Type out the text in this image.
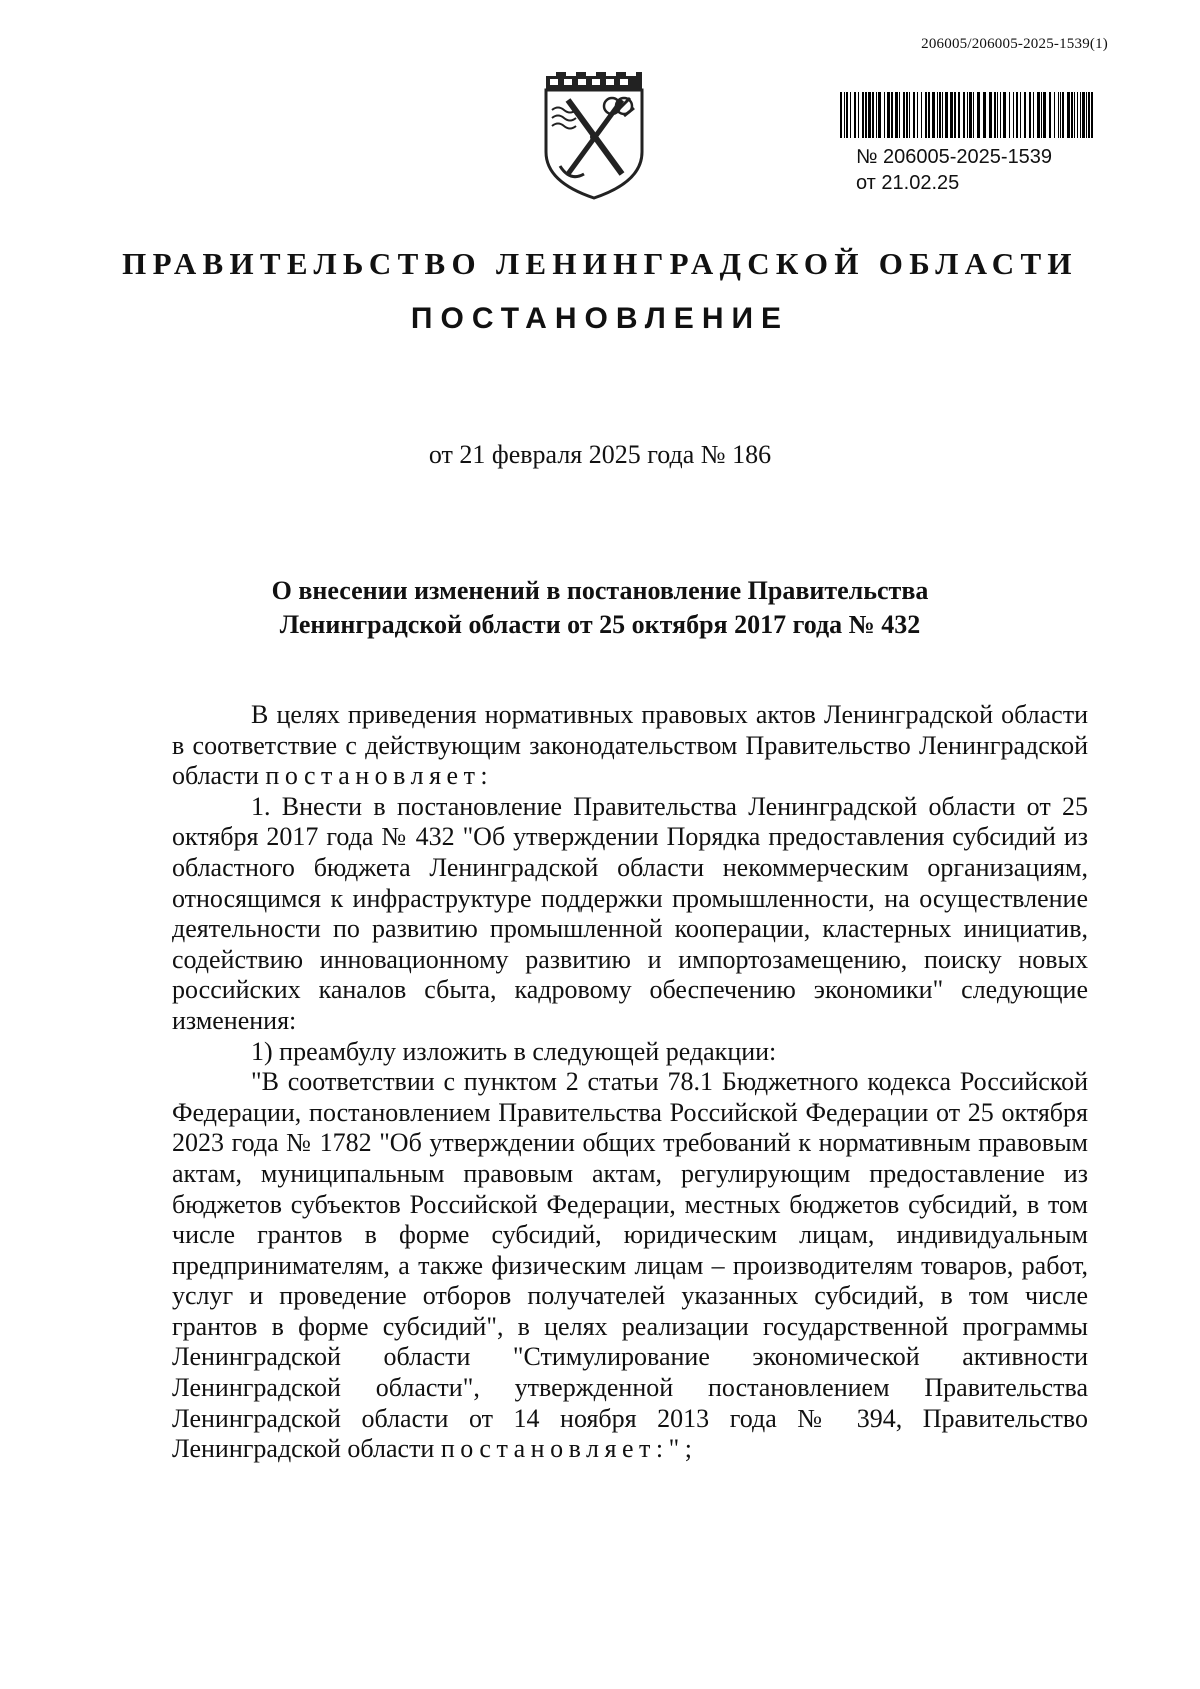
206005/206005-2025-1539(1)
№ 206005-2025-1539
от 21.02.25
ПРАВИТЕЛЬСТВО ЛЕНИНГРАДСКОЙ ОБЛАСТИ
ПОСТАНОВЛЕНИЕ
от 21 февраля 2025 года № 186
О внесении изменений в постановление Правительства
Ленинградской области от 25 октября 2017 года № 432

В целях приведения нормативных правовых актов Ленинградской области в соответствие с действующим законодательством Правительство Ленинградской области постановляет:

1. Внести в постановление Правительства Ленинградской области от 25 октября 2017 года № 432 "Об утверждении Порядка предоставления субсидий из областного бюджета Ленинградской области некоммерческим организациям, относящимся к инфраструктуре поддержки промышленности, на осуществление деятельности по развитию промышленной кооперации, кластерных инициатив, содействию инновационному развитию и импортозамещению, поиску новых российских каналов сбыта, кадровому обеспечению экономики" следующие изменения:

1) преамбулу изложить в следующей редакции:

"В соответствии с пунктом 2 статьи 78.1 Бюджетного кодекса Российской Федерации, постановлением Правительства Российской Федерации от 25 октября 2023 года № 1782 "Об утверждении общих требований к нормативным правовым актам, муниципальным правовым актам, регулирующим предоставление из бюджетов субъектов Российской Федерации, местных бюджетов субсидий, в том числе грантов в форме субсидий, юридическим лицам, индивидуальным предпринимателям, а также физическим лицам – производителям товаров, работ, услуг и проведение отборов получателей указанных субсидий, в том числе грантов в форме субсидий", в целях реализации государственной программы Ленинградской области "Стимулирование экономической активности Ленинградской области", утвержденной постановлением Правительства Ленинградской области от 14 ноября 2013 года № 394, Правительство Ленинградской области постановляет:";
